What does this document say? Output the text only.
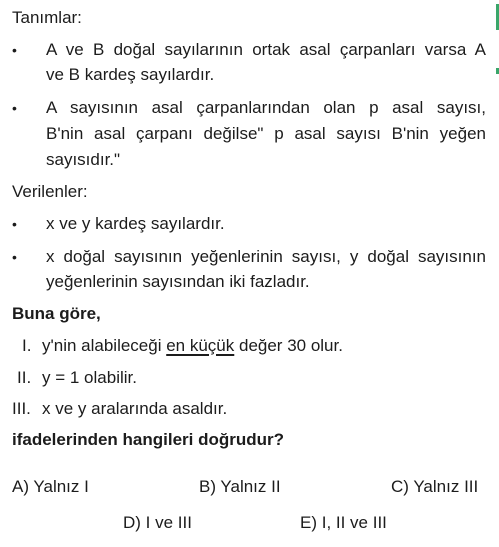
Tanımlar:
• A ve B doğal sayılarının ortak asal çarpanları varsa A
ve B kardeş sayılardır.
• A sayısının asal çarpanlarından olan p asal sayısı,
B'nin asal çarpanı değilse" p asal sayısı B'nin yeğen
sayısıdır."
Verilenler:
• x ve y kardeş sayılardır.
• x doğal sayısının yeğenlerinin sayısı, y doğal sayısının
yeğenlerinin sayısından iki fazladır.
Buna göre,
I. y'nin alabileceği en küçük değer 30 olur.
II. y = 1 olabilir.
III. x ve y aralarında asaldır.
ifadelerinden hangileri doğrudur?
A) Yalnız I	B) Yalnız II	C) Yalnız III
D) I ve III	E) I, II ve III
